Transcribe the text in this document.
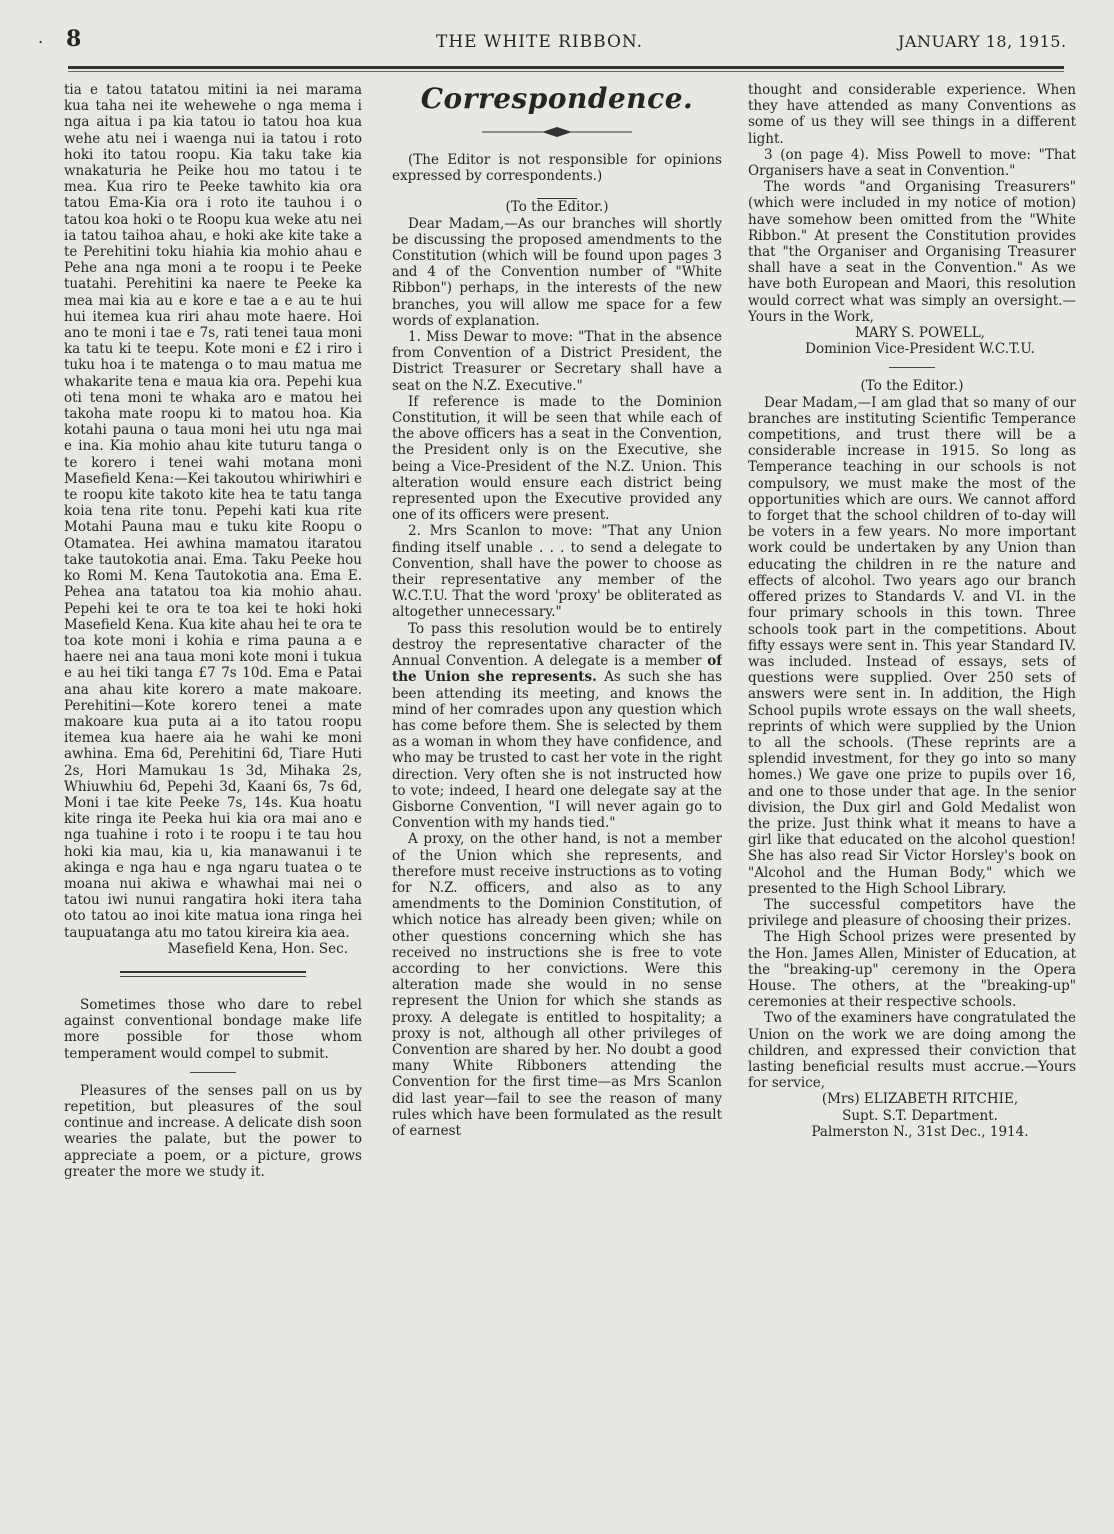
. 8	THE WHITE RIBBON.	JANUARY 18, 1915.

tia e tatou tatatou mitini ia nei marama kua taha nei ite wehewehe o nga mema i nga aitua i pa kia tatou io tatou hoa kua wehe atu nei i waenga nui ia tatou i roto hoki ito tatou roopu. Kia taku take kia wnakaturia he Peike hou mo tatou i te mea. Kua riro te Peeke tawhito kia ora tatou Ema-Kia ora i roto ite tauhou i o tatou koa hoki o te Roopu kua weke atu nei ia tatou taihoa ahau, e hoki ake kite take a te Perehitini toku hiahia kia mohio ahau e Pehe ana nga moni a te roopu i te Peeke tuatahi. Perehitini ka naere te Peeke ka mea mai kia au e kore e tae a e au te hui hui itemea kua riri ahau mote haere. Hoi ano te moni i tae e 7s, rati tenei taua moni ka tatu ki te teepu. Kote moni e £2 i riro i tuku hoa i te matenga o to mau matua me whakarite tena e maua kia ora. Pepehi kua oti tena moni te whaka aro e matou hei takoha mate roopu ki to matou hoa. Kia kotahi pauna o taua moni hei utu nga mai e ina. Kia mohio ahau kite tuturu tanga o te korero i tenei wahi motana moni Masefield Kena:—Kei takoutou whiriwhiri e te roopu kite takoto kite hea te tatu tanga koia tena rite tonu. Pepehi kati kua rite Motahi Pauna mau e tuku kite Roopu o Otamatea. Hei awhina mamatou itaratou take tautokotia anai. Ema. Taku Peeke hou ko Romi M. Kena Tautokotia ana. Ema E. Pehea ana tatatou toa kia mohio ahau. Pepehi kei te ora te toa kei te hoki hoki Masefield Kena. Kua kite ahau hei te ora te toa kote moni i kohia e rima pauna a e haere nei ana taua moni kote moni i tukua e au hei tiki tanga £7 7s 10d. Ema e Patai ana ahau kite korero a mate makoare. Perehitini—Kote korero tenei a mate makoare kua puta ai a ito tatou roopu itemea kua haere aia he wahi ke moni awhina. Ema 6d, Perehitini 6d, Tiare Huti 2s, Hori Mamukau 1s 3d, Mihaka 2s, Whiuwhiu 6d, Pepehi 3d, Kaani 6s, 7s 6d, Moni i tae kite Peeke 7s, 14s. Kua hoatu kite ringa ite Peeka hui kia ora mai ano e nga tuahine i roto i te roopu i te tau hou hoki kia mau, kia u, kia manawanui i te akinga e nga hau e nga ngaru tuatea o te moana nui akiwa e whawhai mai nei o tatou iwi nunui rangatira hoki itera taha oto tatou ao inoi kite matua iona ringa hei taupuatanga atu mo tatou kireira kia aea.

Masefield Kena, Hon. Sec.

Sometimes those who dare to rebel against conventional bondage make life more possible for those whom temperament would compel to submit.

Pleasures of the senses pall on us by repetition, but pleasures of the soul continue and increase. A delicate dish soon wearies the palate, but the power to appreciate a poem, or a picture, grows greater the more we study it.

Correspondence.

(The Editor is not responsible for opinions expressed by correspondents.)

(To the Editor.)

Dear Madam,—As our branches will shortly be discussing the proposed amendments to the Constitution (which will be found upon pages 3 and 4 of the Convention number of "White Ribbon") perhaps, in the interests of the new branches, you will allow me space for a few words of explanation.

1. Miss Dewar to move: "That in the absence from Convention of a District President, the District Treasurer or Secretary shall have a seat on the N.Z. Executive."

If reference is made to the Dominion Constitution, it will be seen that while each of the above officers has a seat in the Convention, the President only is on the Executive, she being a Vice-President of the N.Z. Union. This alteration would ensure each district being represented upon the Executive provided any one of its officers were present.

2. Mrs Scanlon to move: "That any Union finding itself unable . . . to send a delegate to Convention, shall have the power to choose as their representative any member of the W.C.T.U. That the word 'proxy' be obliterated as altogether unnecessary."

To pass this resolution would be to entirely destroy the representative character of the Annual Convention. A delegate is a member of the Union she represents. As such she has been attending its meeting, and knows the mind of her comrades upon any question which has come before them. She is selected by them as a woman in whom they have confidence, and who may be trusted to cast her vote in the right direction. Very often she is not instructed how to vote; indeed, I heard one delegate say at the Gisborne Convention, "I will never again go to Convention with my hands tied."

A proxy, on the other hand, is not a member of the Union which she represents, and therefore must receive instructions as to voting for N.Z. officers, and also as to any amendments to the Dominion Constitution, of which notice has already been given; while on other questions concerning which she has received no instructions she is free to vote according to her convictions. Were this alteration made she would in no sense represent the Union for which she stands as proxy. A delegate is entitled to hospitality; a proxy is not, although all other privileges of Convention are shared by her. No doubt a good many White Ribboners attending the Convention for the first time—as Mrs Scanlon did last year—fail to see the reason of many rules which have been formulated as the result of earnest

thought and considerable experience. When they have attended as many Conventions as some of us they will see things in a different light.

3 (on page 4). Miss Powell to move: "That Organisers have a seat in Convention."

The words "and Organising Treasurers" (which were included in my notice of motion) have somehow been omitted from the "White Ribbon." At present the Constitution provides that "the Organiser and Organising Treasurer shall have a seat in the Convention." As we have both European and Maori, this resolution would correct what was simply an oversight.—Yours in the Work,

MARY S. POWELL,

Dominion Vice-President W.C.T.U.

(To the Editor.)

Dear Madam,—I am glad that so many of our branches are instituting Scientific Temperance competitions, and trust there will be a considerable increase in 1915. So long as Temperance teaching in our schools is not compulsory, we must make the most of the opportunities which are ours. We cannot afford to forget that the school children of to-day will be voters in a few years. No more important work could be undertaken by any Union than educating the children in re the nature and effects of alcohol. Two years ago our branch offered prizes to Standards V. and VI. in the four primary schools in this town. Three schools took part in the competitions. About fifty essays were sent in. This year Standard IV. was included. Instead of essays, sets of questions were supplied. Over 250 sets of answers were sent in. In addition, the High School pupils wrote essays on the wall sheets, reprints of which were supplied by the Union to all the schools. (These reprints are a splendid investment, for they go into so many homes.) We gave one prize to pupils over 16, and one to those under that age. In the senior division, the Dux girl and Gold Medalist won the prize. Just think what it means to have a girl like that educated on the alcohol question! She has also read Sir Victor Horsley's book on "Alcohol and the Human Body," which we presented to the High School Library.

The successful competitors have the privilege and pleasure of choosing their prizes.

The High School prizes were presented by the Hon. James Allen, Minister of Education, at the "breaking-up" ceremony in the Opera House. The others, at the "breaking-up" ceremonies at their respective schools.

Two of the examiners have congratulated the Union on the work we are doing among the children, and expressed their conviction that lasting beneficial results must accrue.—Yours for service,

(Mrs) ELIZABETH RITCHIE,

Supt. S.T. Department.

Palmerston N., 31st Dec., 1914.
